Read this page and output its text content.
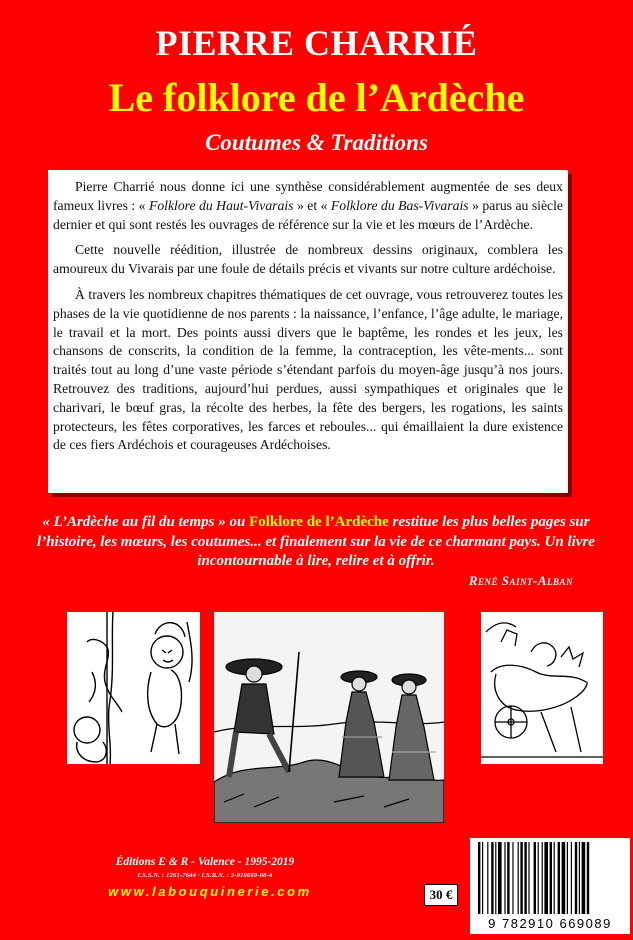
PIERRE CHARRIÉ
Le folklore de l’Ardèche
Coutumes & Traditions

Pierre Charrié nous donne ici une synthèse considérablement augmentée de ses deux fameux livres : « Folklore du Haut-Vivarais » et « Folklore du Bas-Vivarais » parus au siècle dernier et qui sont restés les ouvrages de référence sur la vie et les mœurs de l’Ardèche.

Cette nouvelle réédition, illustrée de nombreux dessins originaux, comblera les amoureux du Vivarais par une foule de détails précis et vivants sur notre culture ardéchoise.

À travers les nombreux chapitres thématiques de cet ouvrage, vous retrouverez toutes les phases de la vie quotidienne de nos parents : la naissance, l’enfance, l’âge adulte, le mariage, le travail et la mort. Des points aussi divers que le baptême, les rondes et les jeux, les chansons de conscrits, la condition de la femme, la contraception, les vête-ments... sont traités tout au long d’une vaste période s’étendant parfois du moyen-âge jusqu’à nos jours. Retrouvez des traditions, aujourd’hui perdues, aussi sympathiques et originales que le charivari, le bœuf gras, la récolte des herbes, la fête des bergers, les rogations, les saints protecteurs, les fêtes corporatives, les farces et reboules... qui émaillaient la dure existence de ces fiers Ardéchois et courageuses Ardéchoises.

« L’Ardèche au fil du temps » ou Folklore de l’Ardèche restitue les plus belles pages sur l’histoire, les mœurs, les coutumes... et finalement sur la vie de ce charmant pays. Un livre incontournable à lire, relire et à offrir.
René Saint-Alban
Éditions E & R - Valence - 1995-2019
I.S.S.N. : 1261-7644 · I.S.B.N. : 2-910669-08-4
www.labouquinerie.com	30 €
9 782910 669089
